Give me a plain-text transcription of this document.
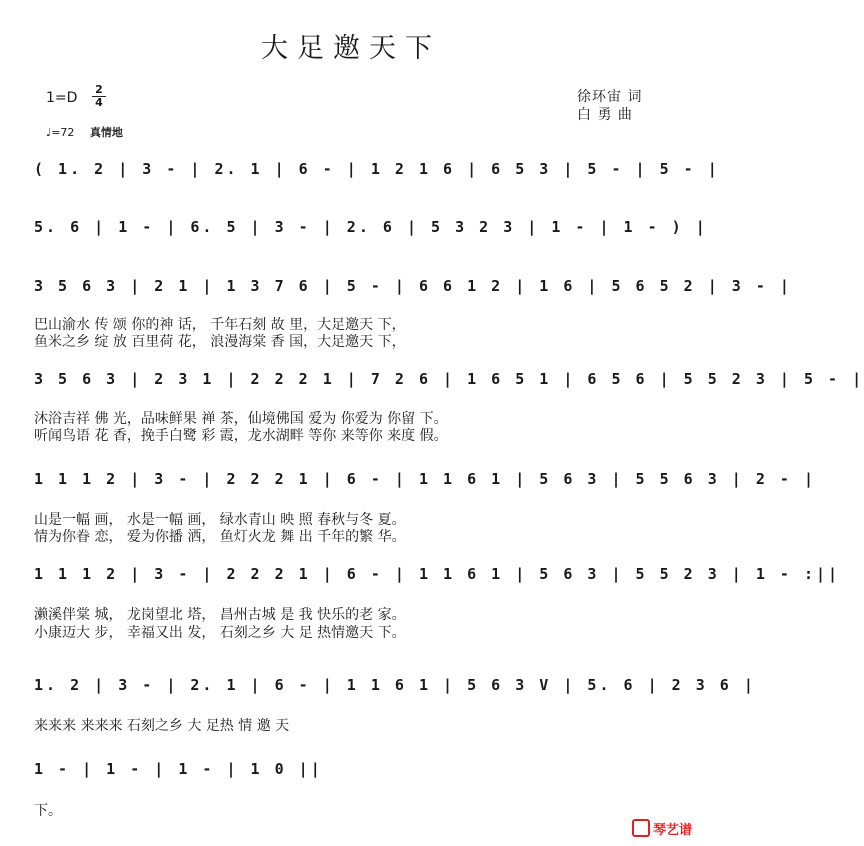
大足邀天下
$1=D \frac{2}{4}$
♩=72 真情地
徐环宙 词
白 勇 曲
( 1. 2 | 3 - | 2. 1 | 6 - | 1 2 1 6 | 6 5 3 | 5 - | 5 - |
5. 6 | 1 - | 6. 5 | 3 - | 2. 6 | 5 3 2 3 | 1 - | 1 - ) |
3 5 6 3 | 2 1 | 1 3 7 6 | 5 - | 6 6 1 2 | 1 6 | 5 6 5 2 | 3 - |
3 5 6 3 | 2 3 1 | 2 2 2 1 | 7 2 6 | 1 6 5 1 | 6 5 6 | 5 5 2 3 | 5 - |
1 1 1 2 | 3 - | 2 2 2 1 | 6 - | 1 1 6 1 | 5 6 3 | 5 5 6 3 | 2 - |
1 1 1 2 | 3 - | 2 2 2 1 | 6 - | 1 1 6 1 | 5 6 3 | 5 5 2 3 | 1 - :||
1. 2 | 3 - | 2. 1 | 6 - | 1 1 6 1 | 5 6 3 V | 5. 6 | 2 3 6 |
1 - | 1 - | 1 - | 1 0 ||
巴山渝水 传 颂 你的神 话， 千年石刻 故 里，大足邀天 下，
鱼米之乡 绽 放 百里荷 花， 浪漫海棠 香 国，大足邀天 下，
沐浴吉祥 佛 光，品味鲜果 禅 茶，仙境佛国 爱为 你爱为 你留 下。
听闻鸟语 花 香，挽手白鹭 彩 霞，龙水湖畔 等你 来等你 来度 假。
山是一幅 画， 水是一幅 画， 绿水青山 映 照 春秋与冬 夏。
情为你眷 恋， 爱为你播 洒， 鱼灯火龙 舞 出 千年的繁 华。
濑溪伴棠 城， 龙岗望北 塔， 昌州古城 是 我 快乐的老 家。
小康迈大 步， 幸福又出 发， 石刻之乡 大 足 热情邀天 下。
来来来 来来来 石刻之乡 大 足热 情 邀 天
下。
琴艺谱
